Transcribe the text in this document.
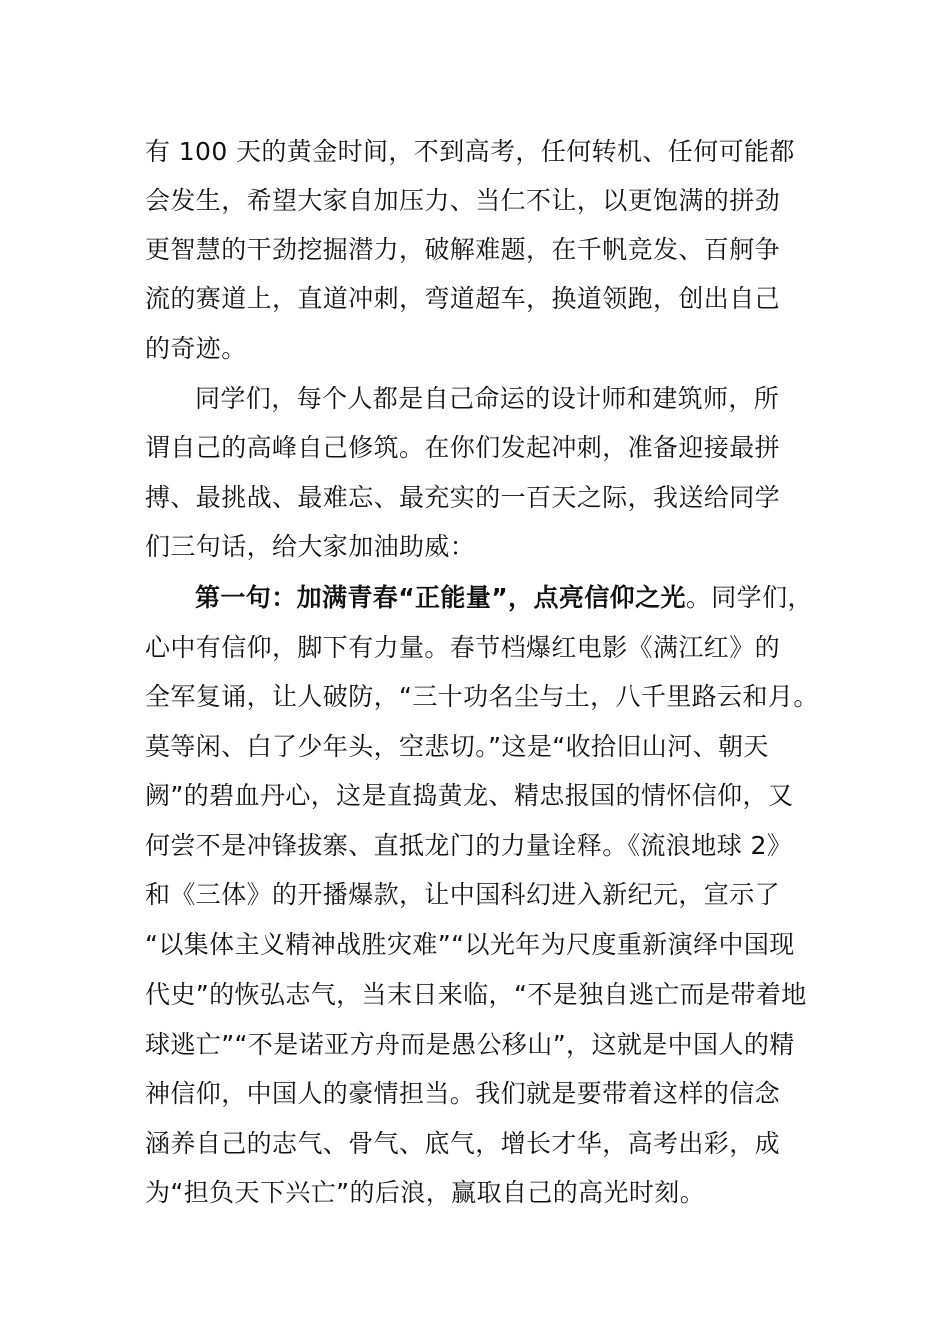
有 100 天的黄金时间，不到高考，任何转机、任何可能都
会发生，希望大家自加压力、当仁不让，以更饱满的拼劲
更智慧的干劲挖掘潜力，破解难题，在千帆竞发、百舸争
流的赛道上，直道冲刺，弯道超车，换道领跑，创出自己
的奇迹。
同学们，每个人都是自己命运的设计师和建筑师，所
谓自己的高峰自己修筑。在你们发起冲刺，准备迎接最拼
搏、最挑战、最难忘、最充实的一百天之际，我送给同学
们三句话，给大家加油助威：
第一句：加满青春“正能量”，点亮信仰之光。同学们，
心中有信仰，脚下有力量。春节档爆红电影《满江红》的
全军复诵，让人破防，“三十功名尘与土，八千里路云和月。
莫等闲、白了少年头，空悲切。”这是“收拾旧山河、朝天
阙”的碧血丹心，这是直捣黄龙、精忠报国的情怀信仰，又
何尝不是冲锋拔寨、直抵龙门的力量诠释。《流浪地球 2》
和《三体》的开播爆款，让中国科幻进入新纪元，宣示了
“以集体主义精神战胜灾难”“以光年为尺度重新演绎中国现
代史”的恢弘志气，当末日来临，“不是独自逃亡而是带着地
球逃亡”“不是诺亚方舟而是愚公移山”，这就是中国人的精
神信仰，中国人的豪情担当。我们就是要带着这样的信念
涵养自己的志气、骨气、底气，增长才华，高考出彩，成
为“担负天下兴亡”的后浪，赢取自己的高光时刻。
